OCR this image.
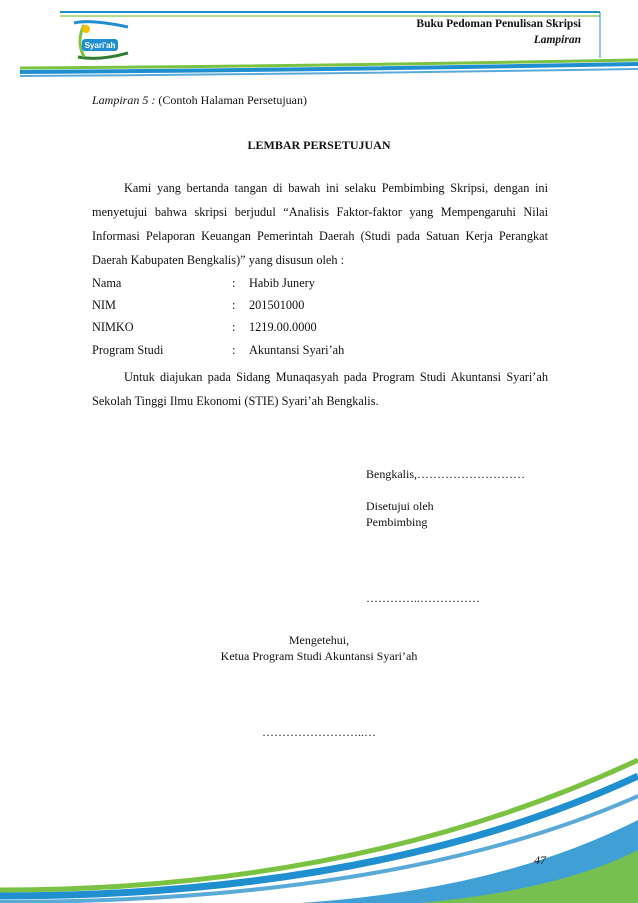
Syari'ah
Buku Pedoman Penulisan Skripsi
Lampiran
Lampiran 5 : (Contoh Halaman Persetujuan)
LEMBAR PERSETUJUAN
Kami yang bertanda tangan di bawah ini selaku Pembimbing Skripsi, dengan ini menyetujui bahwa skripsi berjudul “Analisis Faktor-faktor yang Mempengaruhi Nilai Informasi Pelaporan Keuangan Pemerintah Daerah (Studi pada Satuan Kerja Perangkat Daerah Kabupaten Bengkalis)” yang disusun oleh :
Nama	: Habib Junery
NIM	: 201501000
NIMKO	: 1219.00.0000
Program Studi	: Akuntansi Syari’ah
Untuk diajukan pada Sidang Munaqasyah pada Program Studi Akuntansi Syari’ah Sekolah Tinggi Ilmu Ekonomi (STIE) Syari’ah Bengkalis.
Bengkalis,………………………
Disetujui oleh
Pembimbing
…………..……………
Mengetehui,
Ketua Program Studi Akuntansi Syari’ah
……………………..…
47
